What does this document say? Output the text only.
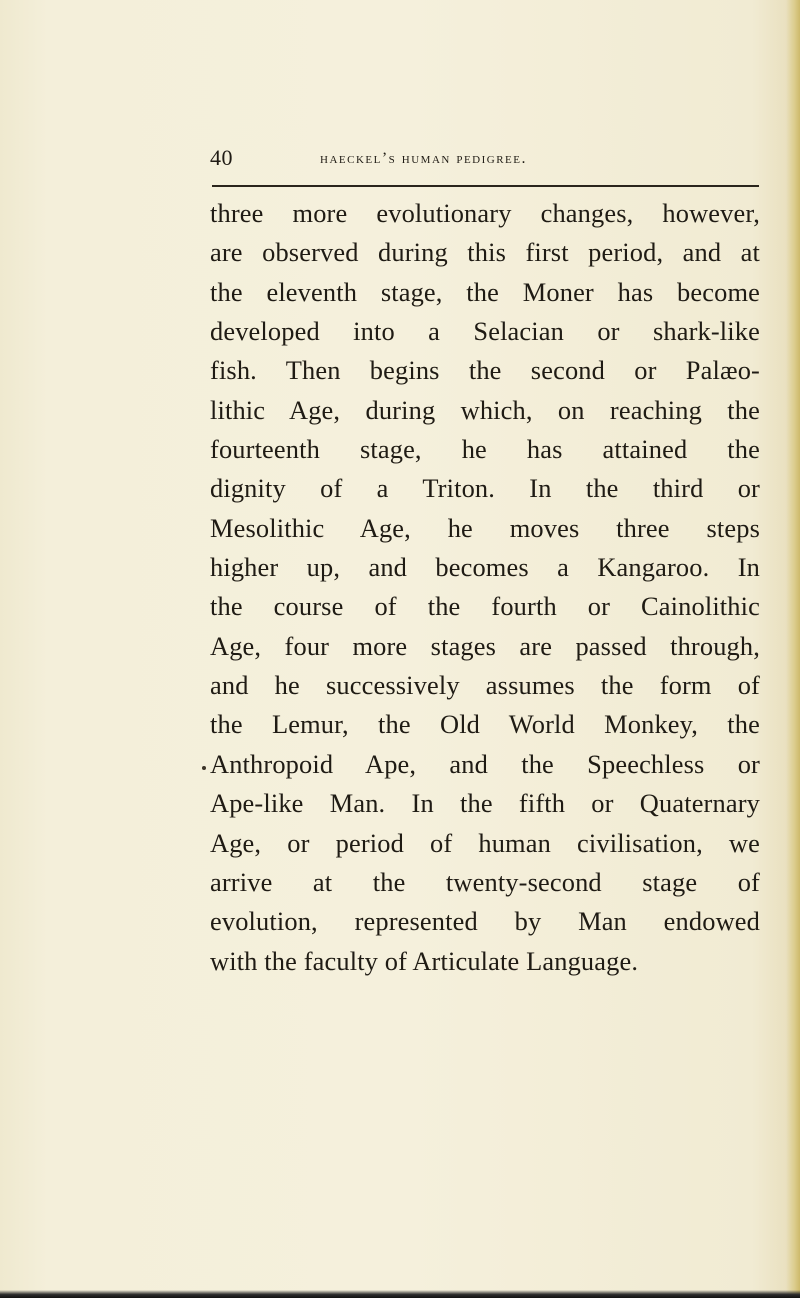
40	haeckel’s human pedigree.
three more evolutionary changes, however,
are observed during this first period, and at
the eleventh stage, the Moner has become
developed into a Selacian or shark-like
fish. Then begins the second or Palæo-
lithic Age, during which, on reaching the
fourteenth stage, he has attained the
dignity of a Triton. In the third or
Mesolithic Age, he moves three steps
higher up, and becomes a Kangaroo. In
the course of the fourth or Cainolithic
Age, four more stages are passed through,
and he successively assumes the form of
the Lemur, the Old World Monkey, the
Anthropoid Ape, and the Speechless or
Ape-like Man. In the fifth or Quaternary
Age, or period of human civilisation, we
arrive at the twenty-second stage of
evolution, represented by Man endowed
with the faculty of Articulate Language.
